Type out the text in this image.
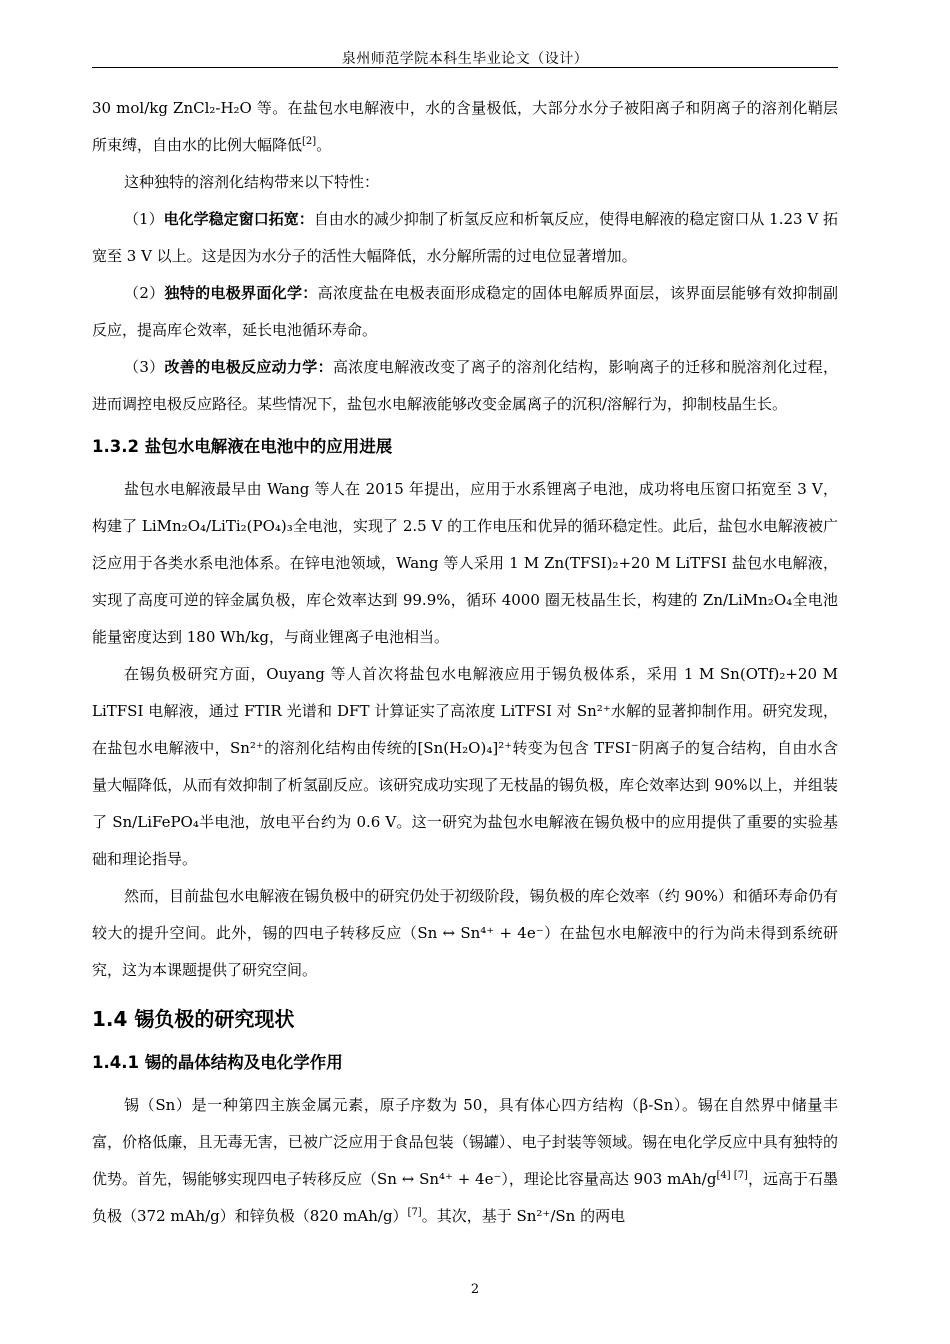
泉州师范学院本科生毕业论文（设计）

30 mol/kg ZnCl₂-H₂O 等。在盐包水电解液中，水的含量极低，大部分水分子被阳离子和阴离子的溶剂化鞘层所束缚，自由水的比例大幅降低[2]。

这种独特的溶剂化结构带来以下特性：

（1）电化学稳定窗口拓宽：自由水的减少抑制了析氢反应和析氧反应，使得电解液的稳定窗口从 1.23 V 拓宽至 3 V 以上。这是因为水分子的活性大幅降低，水分解所需的过电位显著增加。

（2）独特的电极界面化学：高浓度盐在电极表面形成稳定的固体电解质界面层，该界面层能够有效抑制副反应，提高库仑效率，延长电池循环寿命。

（3）改善的电极反应动力学：高浓度电解液改变了离子的溶剂化结构，影响离子的迁移和脱溶剂化过程，进而调控电极反应路径。某些情况下，盐包水电解液能够改变金属离子的沉积/溶解行为，抑制枝晶生长。

1.3.2 盐包水电解液在电池中的应用进展

盐包水电解液最早由 Wang 等人在 2015 年提出，应用于水系锂离子电池，成功将电压窗口拓宽至 3 V，构建了 LiMn₂O₄/LiTi₂(PO₄)₃全电池，实现了 2.5 V 的工作电压和优异的循环稳定性。此后，盐包水电解液被广泛应用于各类水系电池体系。在锌电池领域，Wang 等人采用 1 M Zn(TFSI)₂+20 M LiTFSI 盐包水电解液，实现了高度可逆的锌金属负极，库仑效率达到 99.9%，循环 4000 圈无枝晶生长，构建的 Zn/LiMn₂O₄全电池能量密度达到 180 Wh/kg，与商业锂离子电池相当。

在锡负极研究方面，Ouyang 等人首次将盐包水电解液应用于锡负极体系，采用 1 M Sn(OTf)₂+20 M LiTFSI 电解液，通过 FTIR 光谱和 DFT 计算证实了高浓度 LiTFSI 对 Sn²⁺水解的显著抑制作用。研究发现，在盐包水电解液中，Sn²⁺的溶剂化结构由传统的[Sn(H₂O)₄]²⁺转变为包含 TFSI⁻阴离子的复合结构，自由水含量大幅降低，从而有效抑制了析氢副反应。该研究成功实现了无枝晶的锡负极，库仑效率达到 90%以上，并组装了 Sn/LiFePO₄半电池，放电平台约为 0.6 V。这一研究为盐包水电解液在锡负极中的应用提供了重要的实验基础和理论指导。

然而，目前盐包水电解液在锡负极中的研究仍处于初级阶段，锡负极的库仑效率（约 90%）和循环寿命仍有较大的提升空间。此外，锡的四电子转移反应（Sn ↔ Sn⁴⁺ + 4e⁻）在盐包水电解液中的行为尚未得到系统研究，这为本课题提供了研究空间。

1.4 锡负极的研究现状
1.4.1 锡的晶体结构及电化学作用

锡（Sn）是一种第四主族金属元素，原子序数为 50，具有体心四方结构（β-Sn）。锡在自然界中储量丰富，价格低廉，且无毒无害，已被广泛应用于食品包装（锡罐）、电子封装等领域。锡在电化学反应中具有独特的优势。首先，锡能够实现四电子转移反应（Sn ↔ Sn⁴⁺ + 4e⁻），理论比容量高达 903 mAh/g[4] [7]，远高于石墨负极（372 mAh/g）和锌负极（820 mAh/g）[7]。其次，基于 Sn²⁺/Sn 的两电

2
